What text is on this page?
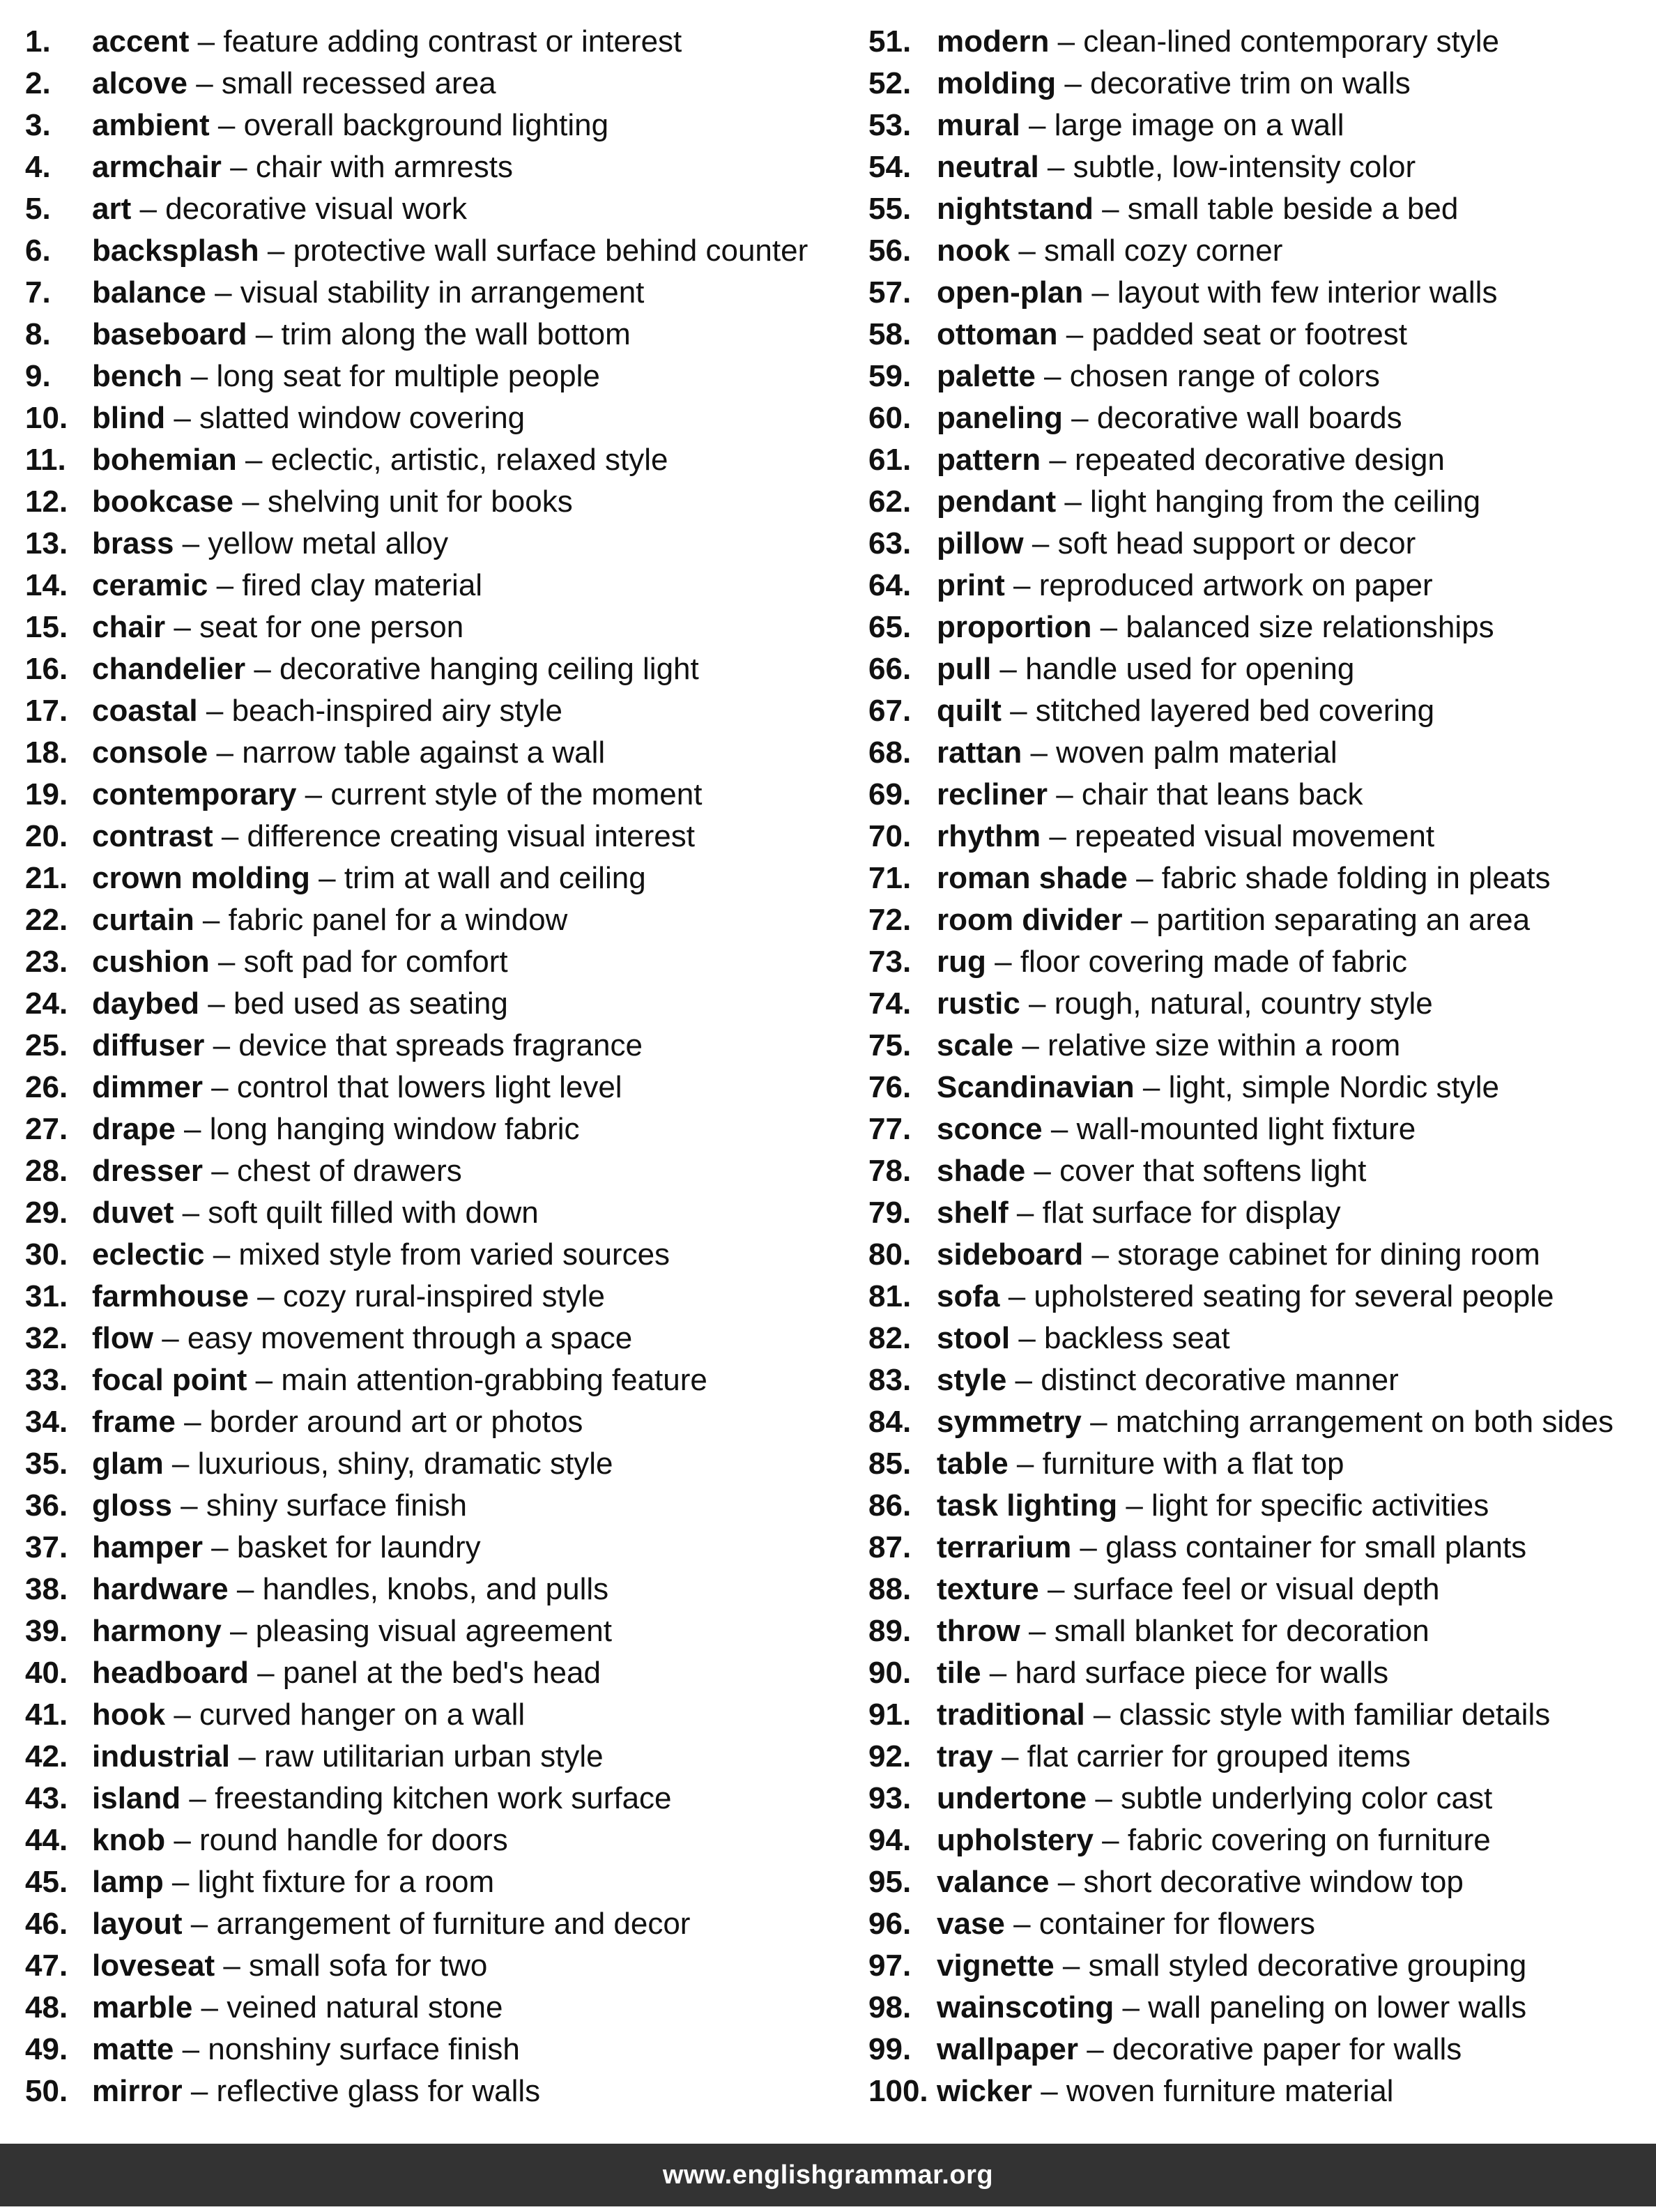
1. accent – feature adding contrast or interest
2. alcove – small recessed area
3. ambient – overall background lighting
4. armchair – chair with armrests
5. art – decorative visual work
6. backsplash – protective wall surface behind counter
7. balance – visual stability in arrangement
8. baseboard – trim along the wall bottom
9. bench – long seat for multiple people
10. blind – slatted window covering
11. bohemian – eclectic, artistic, relaxed style
12. bookcase – shelving unit for books
13. brass – yellow metal alloy
14. ceramic – fired clay material
15. chair – seat for one person
16. chandelier – decorative hanging ceiling light
17. coastal – beach-inspired airy style
18. console – narrow table against a wall
19. contemporary – current style of the moment
20. contrast – difference creating visual interest
21. crown molding – trim at wall and ceiling
22. curtain – fabric panel for a window
23. cushion – soft pad for comfort
24. daybed – bed used as seating
25. diffuser – device that spreads fragrance
26. dimmer – control that lowers light level
27. drape – long hanging window fabric
28. dresser – chest of drawers
29. duvet – soft quilt filled with down
30. eclectic – mixed style from varied sources
31. farmhouse – cozy rural-inspired style
32. flow – easy movement through a space
33. focal point – main attention-grabbing feature
34. frame – border around art or photos
35. glam – luxurious, shiny, dramatic style
36. gloss – shiny surface finish
37. hamper – basket for laundry
38. hardware – handles, knobs, and pulls
39. harmony – pleasing visual agreement
40. headboard – panel at the bed's head
41. hook – curved hanger on a wall
42. industrial – raw utilitarian urban style
43. island – freestanding kitchen work surface
44. knob – round handle for doors
45. lamp – light fixture for a room
46. layout – arrangement of furniture and decor
47. loveseat – small sofa for two
48. marble – veined natural stone
49. matte – nonshiny surface finish
50. mirror – reflective glass for walls
51. modern – clean-lined contemporary style
52. molding – decorative trim on walls
53. mural – large image on a wall
54. neutral – subtle, low-intensity color
55. nightstand – small table beside a bed
56. nook – small cozy corner
57. open-plan – layout with few interior walls
58. ottoman – padded seat or footrest
59. palette – chosen range of colors
60. paneling – decorative wall boards
61. pattern – repeated decorative design
62. pendant – light hanging from the ceiling
63. pillow – soft head support or decor
64. print – reproduced artwork on paper
65. proportion – balanced size relationships
66. pull – handle used for opening
67. quilt – stitched layered bed covering
68. rattan – woven palm material
69. recliner – chair that leans back
70. rhythm – repeated visual movement
71. roman shade – fabric shade folding in pleats
72. room divider – partition separating an area
73. rug – floor covering made of fabric
74. rustic – rough, natural, country style
75. scale – relative size within a room
76. Scandinavian – light, simple Nordic style
77. sconce – wall-mounted light fixture
78. shade – cover that softens light
79. shelf – flat surface for display
80. sideboard – storage cabinet for dining room
81. sofa – upholstered seating for several people
82. stool – backless seat
83. style – distinct decorative manner
84. symmetry – matching arrangement on both sides
85. table – furniture with a flat top
86. task lighting – light for specific activities
87. terrarium – glass container for small plants
88. texture – surface feel or visual depth
89. throw – small blanket for decoration
90. tile – hard surface piece for walls
91. traditional – classic style with familiar details
92. tray – flat carrier for grouped items
93. undertone – subtle underlying color cast
94. upholstery – fabric covering on furniture
95. valance – short decorative window top
96. vase – container for flowers
97. vignette – small styled decorative grouping
98. wainscoting – wall paneling on lower walls
99. wallpaper – decorative paper for walls
100. wicker – woven furniture material
www.englishgrammar.org
